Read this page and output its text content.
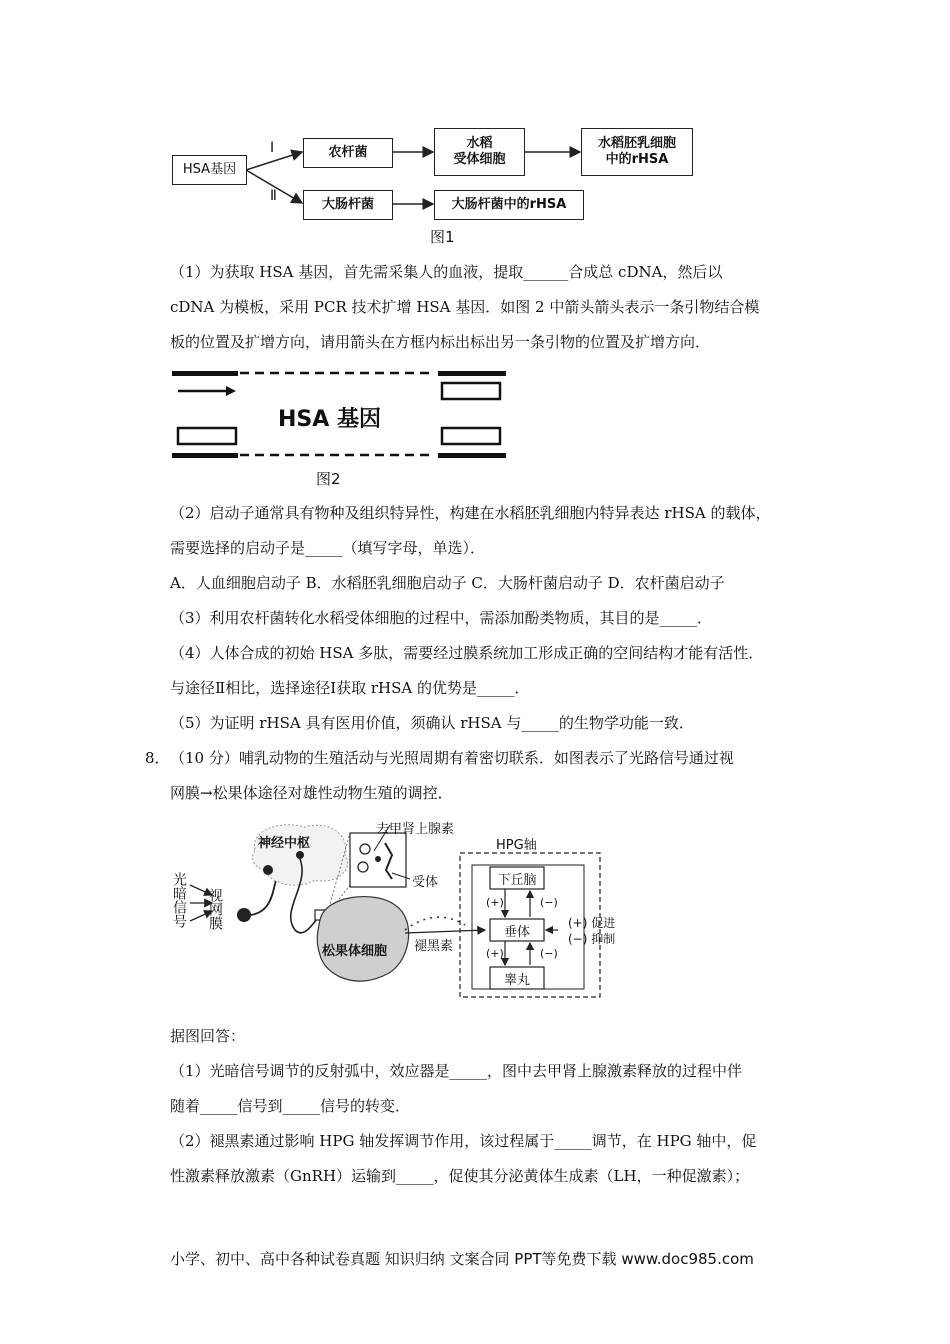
HSA基因
Ⅰ
Ⅱ
农杆菌
水稻
受体细胞
水稻胚乳细胞
中的rHSA
大肠杆菌	大肠杆菌中的rHSA
图1
（1）为获取 HSA 基因，首先需采集人的血液，提取______合成总 cDNA，然后以
cDNA 为模板，采用 PCR 技术扩增 HSA 基因．如图 2 中箭头箭头表示一条引物结合模
板的位置及扩增方向，请用箭头在方框内标出标出另一条引物的位置及扩增方向．
HSA 基因
图2
（2）启动子通常具有物种及组织特异性，构建在水稻胚乳细胞内特异表达 rHSA 的载体，
需要选择的启动子是_____（填写字母，单选）．
A．人血细胞启动子 B．水稻胚乳细胞启动子 C．大肠杆菌启动子 D．农杆菌启动子
（3）利用农杆菌转化水稻受体细胞的过程中，需添加酚类物质，其目的是_____．
（4）人体合成的初始 HSA 多肽，需要经过膜系统加工形成正确的空间结构才能有活性．
与途径Ⅱ相比，选择途径Ⅰ获取 rHSA 的优势是_____．
（5）为证明 rHSA 具有医用价值，须确认 rHSA 与_____的生物学功能一致．
8． （10 分）哺乳动物的生殖活动与光照周期有着密切联系．如图表示了光路信号通过视
网膜→松果体途径对雄性动物生殖的调控．
光暗信号 视网膜
神经中枢
去甲肾上腺素
受体
松果体细胞 褪黑素
HPG轴
下丘脑
垂体
睾丸
(+)	(−)
(+)	(−)
(+) 促进
(−) 抑制
据图回答：
（1）光暗信号调节的反射弧中，效应器是_____，图中去甲肾上腺激素释放的过程中伴
随着_____信号到_____信号的转变．
（2）褪黑素通过影响 HPG 轴发挥调节作用，该过程属于_____调节，在 HPG 轴中，促
性激素释放激素（GnRH）运输到_____，促使其分泌黄体生成素（LH，一种促激素）；
小学、初中、高中各种试卷真题 知识归纳 文案合同 PPT等免费下载 www.doc985.com
